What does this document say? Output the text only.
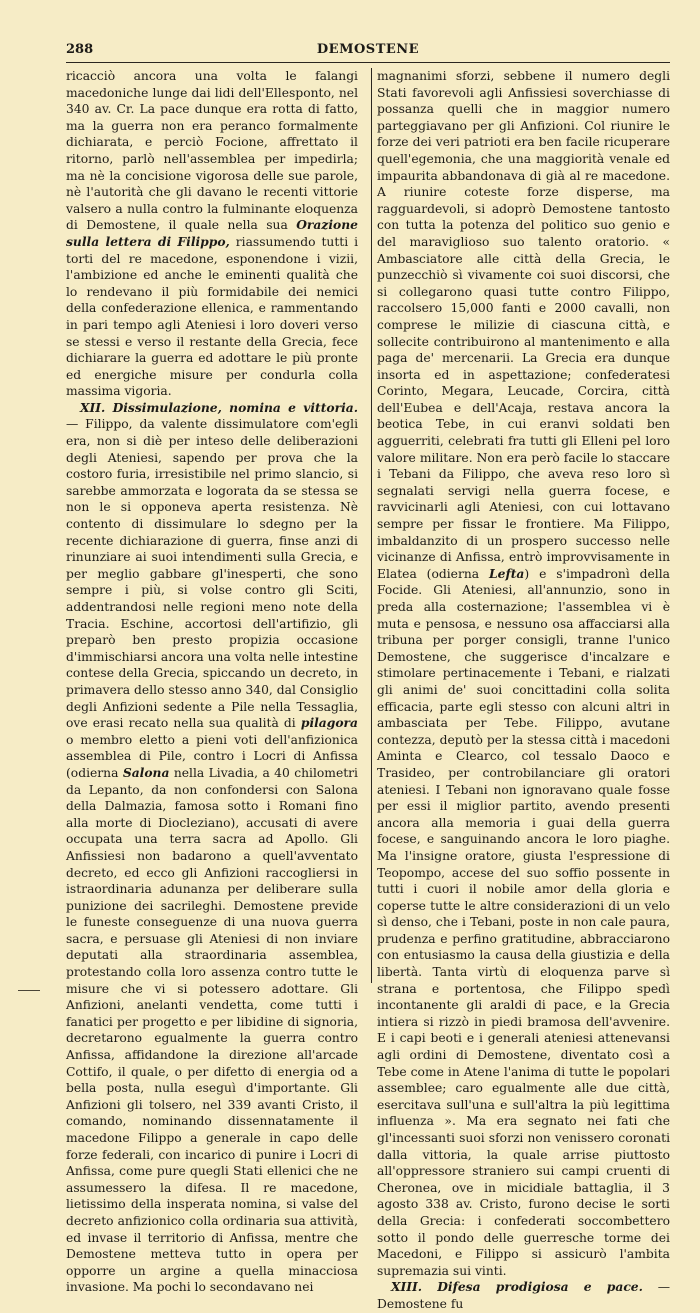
288	DEMOSTENE

ricacciò ancora una volta le falangi macedoniche lunge dai lidi dell'Ellesponto, nel 340 av. Cr. La pace dunque era rotta di fatto, ma la guerra non era peranco formalmente dichiarata, e perciò Focione, affrettato il ritorno, parlò nell'assemblea per impedirla; ma nè la concisione vigorosa delle sue parole, nè l'autorità che gli davano le recenti vittorie valsero a nulla contro la fulminante eloquenza di Demostene, il quale nella sua Orazione sulla lettera di Filippo, riassumendo tutti i torti del re macedone, esponendone i vizii, l'ambizione ed anche le eminenti qualità che lo rendevano il più formidabile dei nemici della confederazione ellenica, e rammentando in pari tempo agli Ateniesi i loro doveri verso se stessi e verso il restante della Grecia, fece dichiarare la guerra ed adottare le più pronte ed energiche misure per condurla colla massima vigoria.

XII. Dissimulazione, nomina e vittoria. — Filippo, da valente dissimulatore com'egli era, non si diè per inteso delle deliberazioni degli Ateniesi, sapendo per prova che la costoro furia, irresistibile nel primo slancio, si sarebbe ammorzata e logorata da se stessa se non le si opponeva aperta resistenza. Nè contento di dissimulare lo sdegno per la recente dichiarazione di guerra, finse anzi di rinunziare ai suoi intendimenti sulla Grecia, e per meglio gabbare gl'inesperti, che sono sempre i più, si volse contro gli Sciti, addentrandosi nelle regioni meno note della Tracia. Eschine, accortosi dell'artifizio, gli preparò ben presto propizia occasione d'immischiarsi ancora una volta nelle intestine contese della Grecia, spiccando un decreto, in primavera dello stesso anno 340, dal Consiglio degli Anfizioni sedente a Pile nella Tessaglia, ove erasi recato nella sua qualità di pilagora o membro eletto a pieni voti dell'anfizionica assemblea di Pile, contro i Locri di Anfissa (odierna Salona nella Livadia, a 40 chilometri da Lepanto, da non confondersi con Salona della Dalmazia, famosa sotto i Romani fino alla morte di Diocleziano), accusati di avere occupata una terra sacra ad Apollo. Gli Anfissiesi non badarono a quell'avventato decreto, ed ecco gli Anfizioni raccogliersi in istraordinaria adunanza per deliberare sulla punizione dei sacrileghi. Demostene previde le funeste conseguenze di una nuova guerra sacra, e persuase gli Ateniesi di non inviare deputati alla straordinaria assemblea, protestando colla loro assenza contro tutte le misure che vi si potessero adottare. Gli Anfizioni, anelanti vendetta, come tutti i fanatici per progetto e per libidine di signoria, decretarono egualmente la guerra contro Anfissa, affidandone la direzione all'arcade Cottifo, il quale, o per difetto di energia od a bella posta, nulla eseguì d'importante. Gli Anfizioni gli tolsero, nel 339 avanti Cristo, il comando, nominando dissennatamente il macedone Filippo a generale in capo delle forze federali, con incarico di punire i Locri di Anfissa, come pure quegli Stati ellenici che ne assumessero la difesa. Il re macedone, lietissimo della insperata nomina, si valse del decreto anfizionico colla ordinaria sua attività, ed invase il territorio di Anfissa, mentre che Demostene metteva tutto in opera per opporre un argine a quella minacciosa invasione. Ma pochi lo secondavano nei

magnanimi sforzi, sebbene il numero degli Stati favorevoli agli Anfissiesi soverchiasse di possanza quelli che in maggior numero parteggiavano per gli Anfizioni. Col riunire le forze dei veri patrioti era ben facile ricuperare quell'egemonia, che una maggiorità venale ed impaurita abbandonava di già al re macedone. A riunire coteste forze disperse, ma ragguardevoli, si adoprò Demostene tantosto con tutta la potenza del politico suo genio e del maraviglioso suo talento oratorio. « Ambasciatore alle città della Grecia, le punzecchiò sì vivamente coi suoi discorsi, che si collegarono quasi tutte contro Filippo, raccolsero 15,000 fanti e 2000 cavalli, non comprese le milizie di ciascuna città, e sollecite contribuirono al mantenimento e alla paga de' mercenarii. La Grecia era dunque insorta ed in aspettazione; confederatesi Corinto, Megara, Leucade, Corcira, città dell'Eubea e dell'Acaja, restava ancora la beotica Tebe, in cui eranvi soldati ben agguerriti, celebrati fra tutti gli Elleni pel loro valore militare. Non era però facile lo staccare i Tebani da Filippo, che aveva reso loro sì segnalati servigi nella guerra focese, e ravvicinarli agli Ateniesi, con cui lottavano sempre per fissar le frontiere. Ma Filippo, imbaldanzito di un prospero successo nelle vicinanze di Anfissa, entrò improvvisamente in Elatea (odierna Lefta) e s'impadronì della Focide. Gli Ateniesi, all'annunzio, sono in preda alla costernazione; l'assemblea vi è muta e pensosa, e nessuno osa affacciarsi alla tribuna per porger consigli, tranne l'unico Demostene, che suggerisce d'incalzare e stimolare pertinacemente i Tebani, e rialzati gli animi de' suoi concittadini colla solita efficacia, parte egli stesso con alcuni altri in ambasciata per Tebe. Filippo, avutane contezza, deputò per la stessa città i macedoni Aminta e Clearco, col tessalo Daoco e Trasideo, per controbilanciare gli oratori ateniesi. I Tebani non ignoravano quale fosse per essi il miglior partito, avendo presenti ancora alla memoria i guai della guerra focese, e sanguinando ancora le loro piaghe. Ma l'insigne oratore, giusta l'espressione di Teopompo, accese del suo soffio possente in tutti i cuori il nobile amor della gloria e coperse tutte le altre considerazioni di un velo sì denso, che i Tebani, poste in non cale paura, prudenza e perfino gratitudine, abbracciarono con entusiasmo la causa della giustizia e della libertà. Tanta virtù di eloquenza parve sì strana e portentosa, che Filippo spedì incontanente gli araldi di pace, e la Grecia intiera si rizzò in piedi bramosa dell'avvenire. E i capi beoti e i generali ateniesi attenevansi agli ordini di Demostene, diventato così a Tebe come in Atene l'anima di tutte le popolari assemblee; caro egualmente alle due città, esercitava sull'una e sull'altra la più legittima influenza ». Ma era segnato nei fati che gl'incessanti suoi sforzi non venissero coronati dalla vittoria, la quale arrise piuttosto all'oppressore straniero sui campi cruenti di Cheronea, ove in micidiale battaglia, il 3 agosto 338 av. Cristo, furono decise le sorti della Grecia: i confederati soccombettero sotto il pondo delle guerresche torme dei Macedoni, e Filippo si assicurò l'ambita supremazia sui vinti.

XIII. Difesa prodigiosa e pace. — Demostene fu
